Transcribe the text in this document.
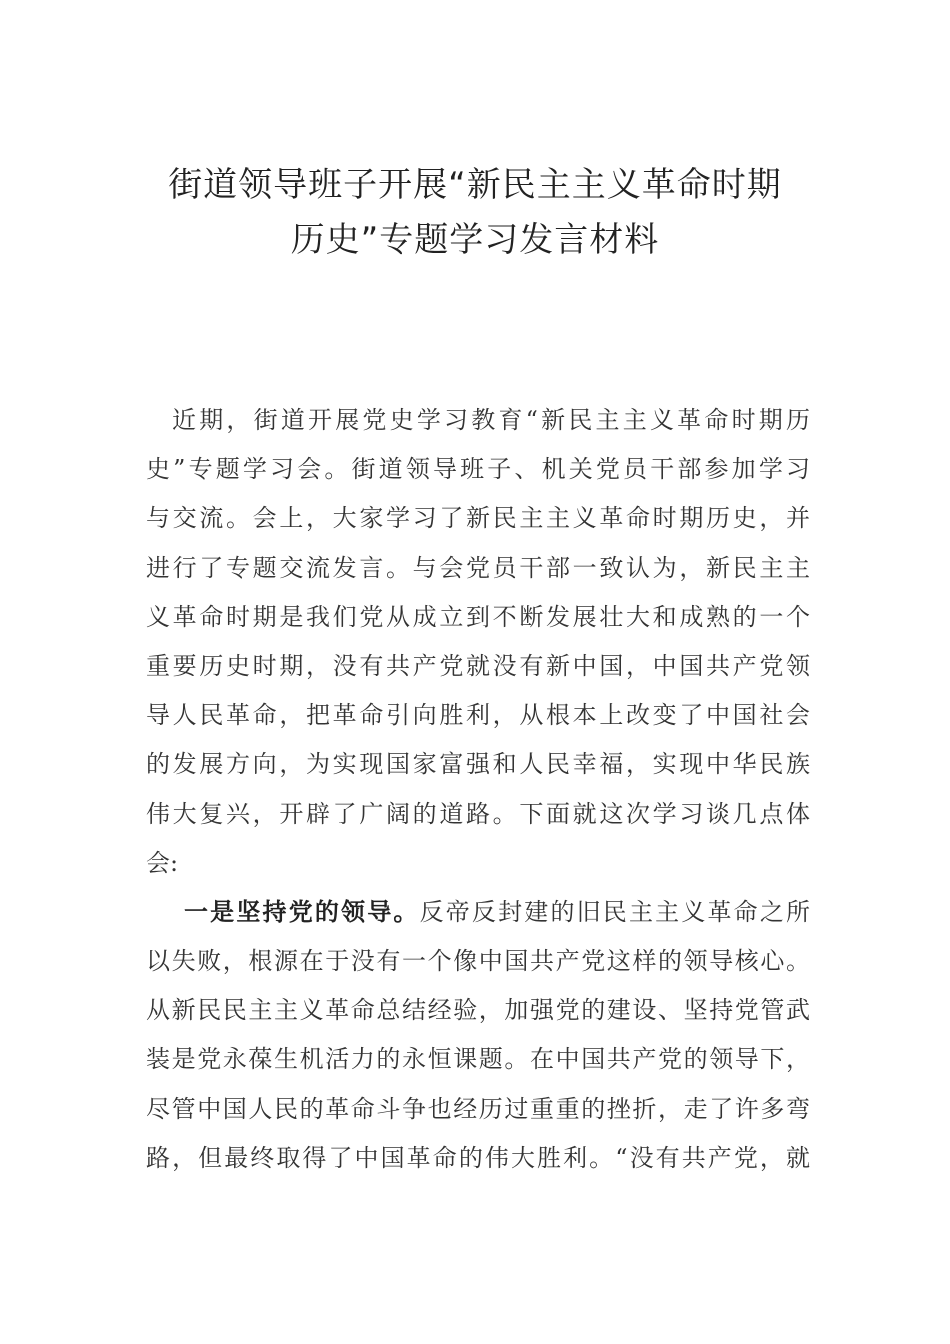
街道领导班子开展“新民主主义革命时期
历史”专题学习发言材料
近期，街道开展党史学习教育“新民主主义革命时期历
史”专题学习会。街道领导班子、机关党员干部参加学习
与交流。会上，大家学习了新民主主义革命时期历史，并
进行了专题交流发言。与会党员干部一致认为，新民主主
义革命时期是我们党从成立到不断发展壮大和成熟的一个
重要历史时期，没有共产党就没有新中国，中国共产党领
导人民革命，把革命引向胜利，从根本上改变了中国社会
的发展方向，为实现国家富强和人民幸福，实现中华民族
伟大复兴，开辟了广阔的道路。下面就这次学习谈几点体
会:
一是坚持党的领导。反帝反封建的旧民主主义革命之所
以失败，根源在于没有一个像中国共产党这样的领导核心。
从新民民主主义革命总结经验，加强党的建设、坚持党管武
装是党永葆生机活力的永恒课题。在中国共产党的领导下，
尽管中国人民的革命斗争也经历过重重的挫折，走了许多弯
路，但最终取得了中国革命的伟大胜利。“没有共产党，就
